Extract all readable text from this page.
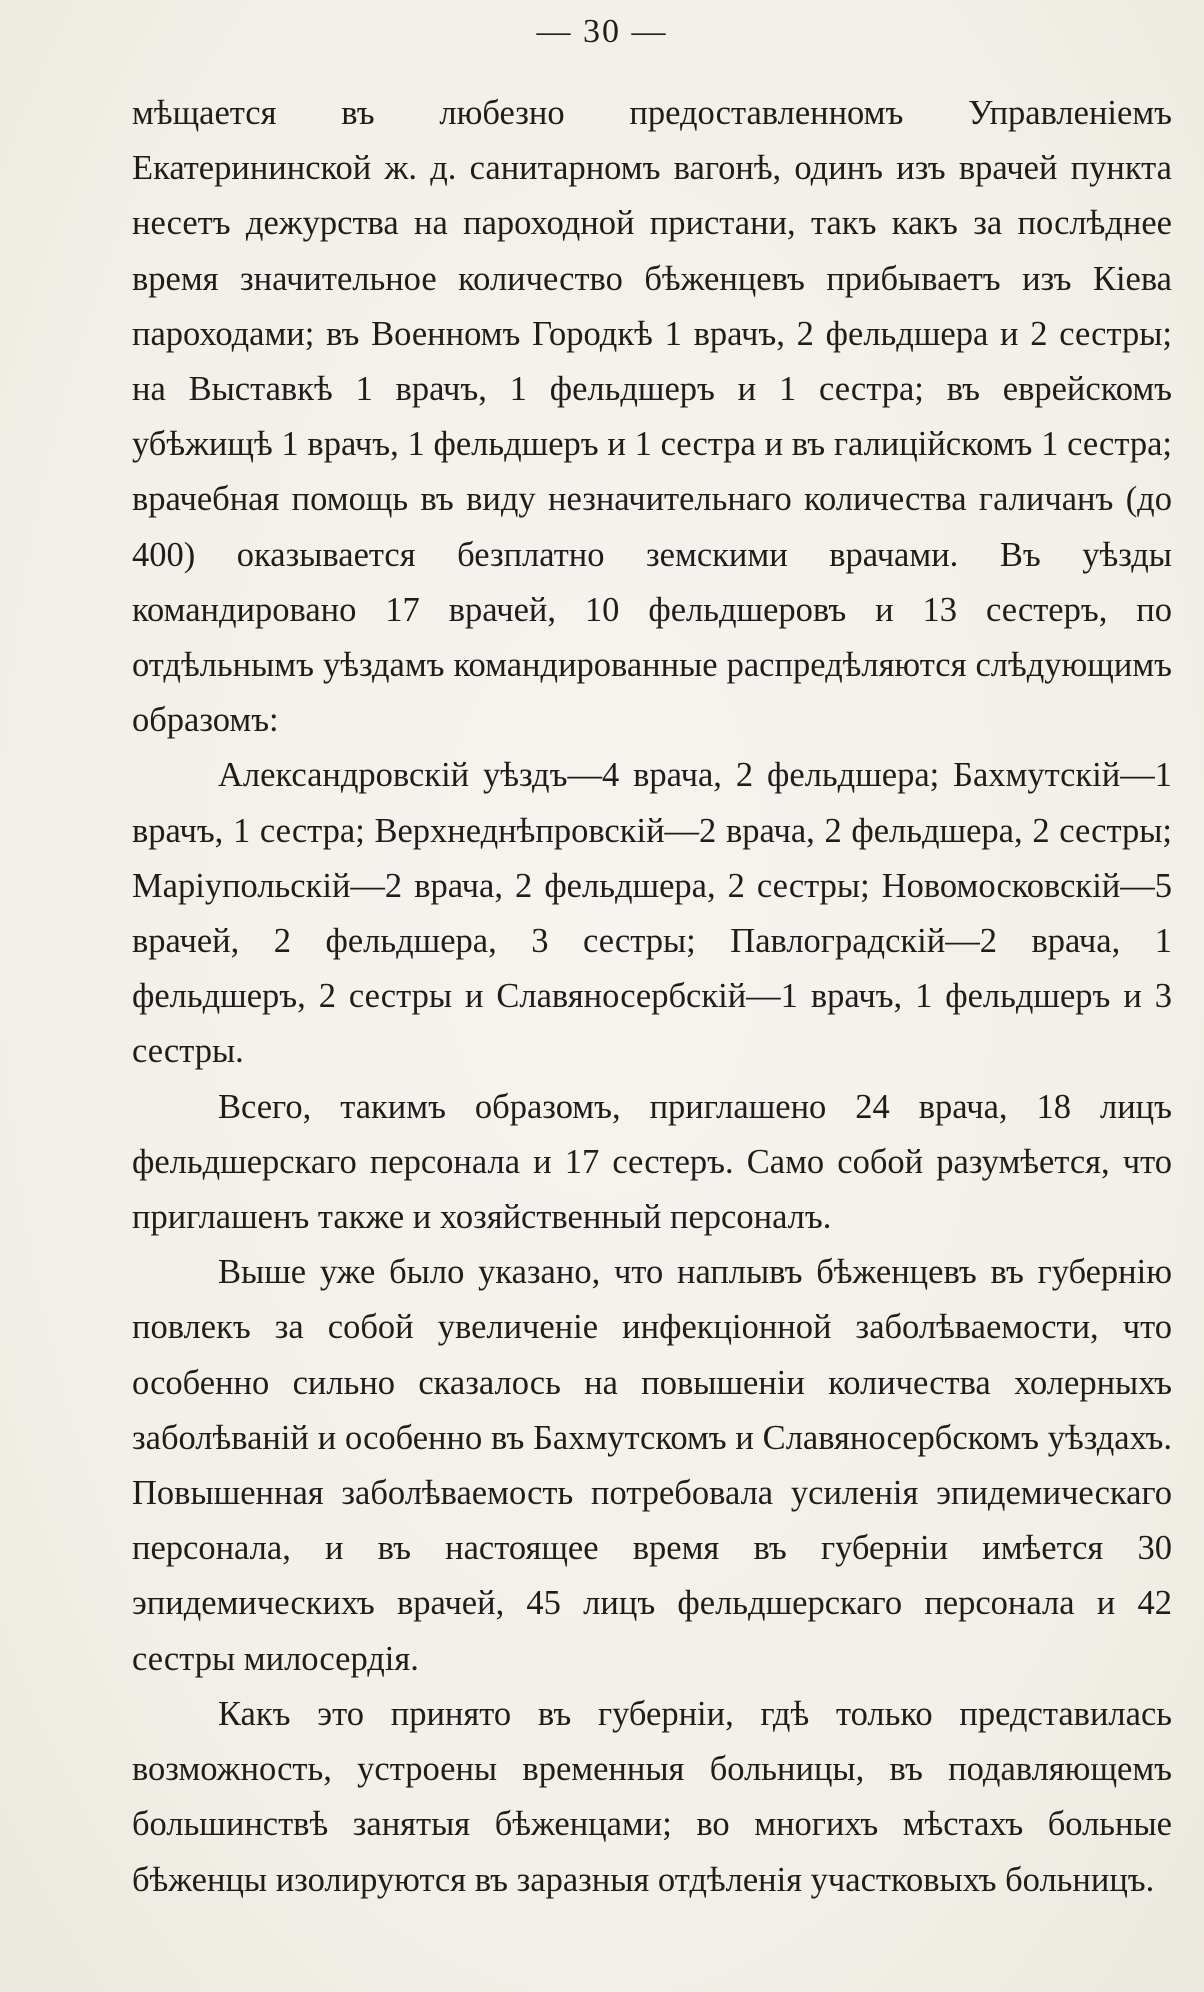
— 30 —

мѣщается въ любезно предоставленномъ Управленіемъ Екатерининской ж. д. санитарномъ вагонѣ, одинъ изъ врачей пункта несетъ дежурства на пароходной пристани, такъ какъ за послѣднее время значительное количество бѣженцевъ прибываетъ изъ Кіева пароходами; въ Военномъ Городкѣ 1 врачъ, 2 фельдшера и 2 сестры; на Выставкѣ 1 врачъ, 1 фельдшеръ и 1 сестра; въ еврейскомъ убѣжищѣ 1 врачъ, 1 фельдшеръ и 1 сестра и въ галиційскомъ 1 сестра; врачебная помощь въ виду незначительнаго количества галичанъ (до 400) оказывается безплатно земскими врачами. Въ уѣзды командировано 17 врачей, 10 фельдшеровъ и 13 сестеръ, по отдѣльнымъ уѣздамъ командированные распредѣляются слѣдующимъ образомъ:

Александровскій уѣздъ—4 врача, 2 фельдшера; Бахмутскій—1 врачъ, 1 сестра; Верхнеднѣпровскій—2 врача, 2 фельдшера, 2 сестры; Маріупольскій—2 врача, 2 фельдшера, 2 сестры; Новомосковскій—5 врачей, 2 фельдшера, 3 сестры; Павлоградскій—2 врача, 1 фельдшеръ, 2 сестры и Славяносербскій—1 врачъ, 1 фельдшеръ и 3 сестры.

Всего, такимъ образомъ, приглашено 24 врача, 18 лицъ фельдшерскаго персонала и 17 сестеръ. Само собой разумѣется, что приглашенъ также и хозяйственный персоналъ.

Выше уже было указано, что наплывъ бѣженцевъ въ губернію повлекъ за собой увеличеніе инфекціонной заболѣваемости, что особенно сильно сказалось на повышеніи количества холерныхъ заболѣваній и особенно въ Бахмутскомъ и Славяносербскомъ уѣздахъ. Повышенная заболѣваемость потребовала усиленія эпидемическаго персонала, и въ настоящее время въ губерніи имѣется 30 эпидемическихъ врачей, 45 лицъ фельдшерскаго персонала и 42 сестры милосердія.

Какъ это принято въ губерніи, гдѣ только представилась возможность, устроены временныя больницы, въ подавляющемъ большинствѣ занятыя бѣженцами; во многихъ мѣстахъ больные бѣженцы изолируются въ заразныя отдѣленія участковыхъ больницъ.
